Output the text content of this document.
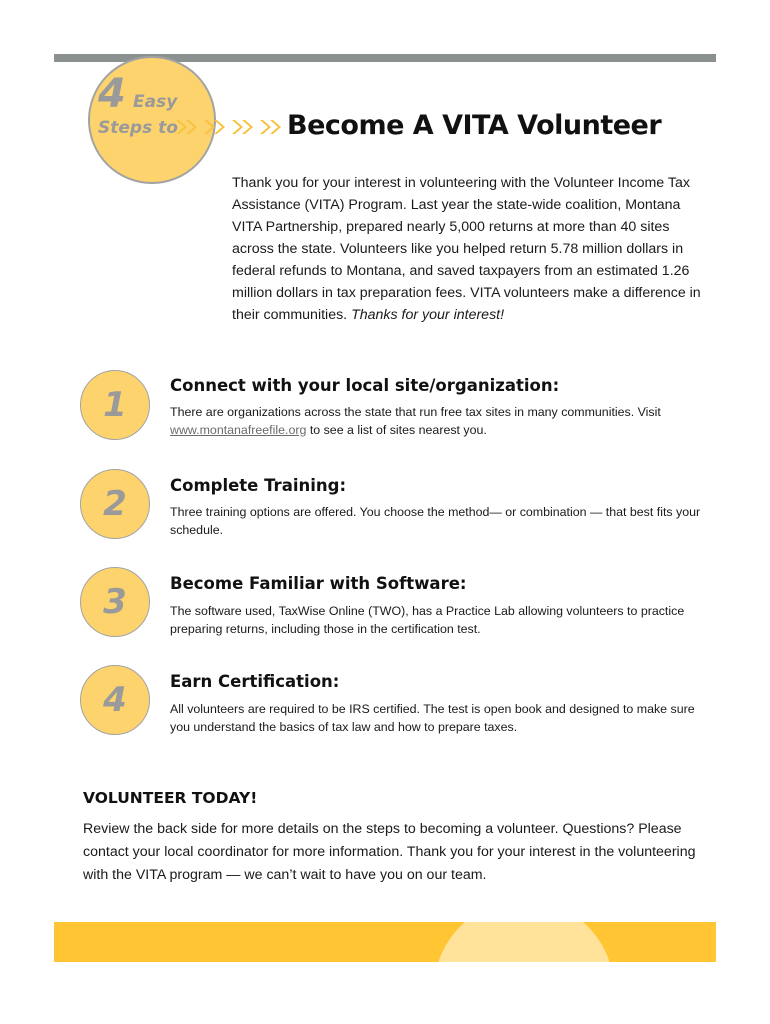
4 Easy
Steps to	Become A VITA Volunteer
Thank you for your interest in volunteering with the Volunteer Income Tax Assistance (VITA) Program. Last year the state-wide coalition, Montana VITA Partnership, prepared nearly 5,000 returns at more than 40 sites across the state. Volunteers like you helped return 5.78 million dollars in federal refunds to Montana, and saved taxpayers from an estimated 1.26 million dollars in tax preparation fees. VITA volunteers make a difference in their communities. Thanks for your interest!
1	Connect with your local site/organization:
There are organizations across the state that run free tax sites in many communities. Visit www.montanafreefile.org to see a list of sites nearest you.
2	Complete Training:
Three training options are offered. You choose the method— or combination — that best fits your schedule.
3	Become Familiar with Software:
The software used, TaxWise Online (TWO), has a Practice Lab allowing volunteers to practice preparing returns, including those in the certification test.
4	Earn Certification:
All volunteers are required to be IRS certified. The test is open book and designed to make sure you understand the basics of tax law and how to prepare taxes.
VOLUNTEER TODAY!
Review the back side for more details on the steps to becoming a volunteer. Questions? Please contact your local coordinator for more information. Thank you for your interest in the volunteering with the VITA program — we can’t wait to have you on our team.
